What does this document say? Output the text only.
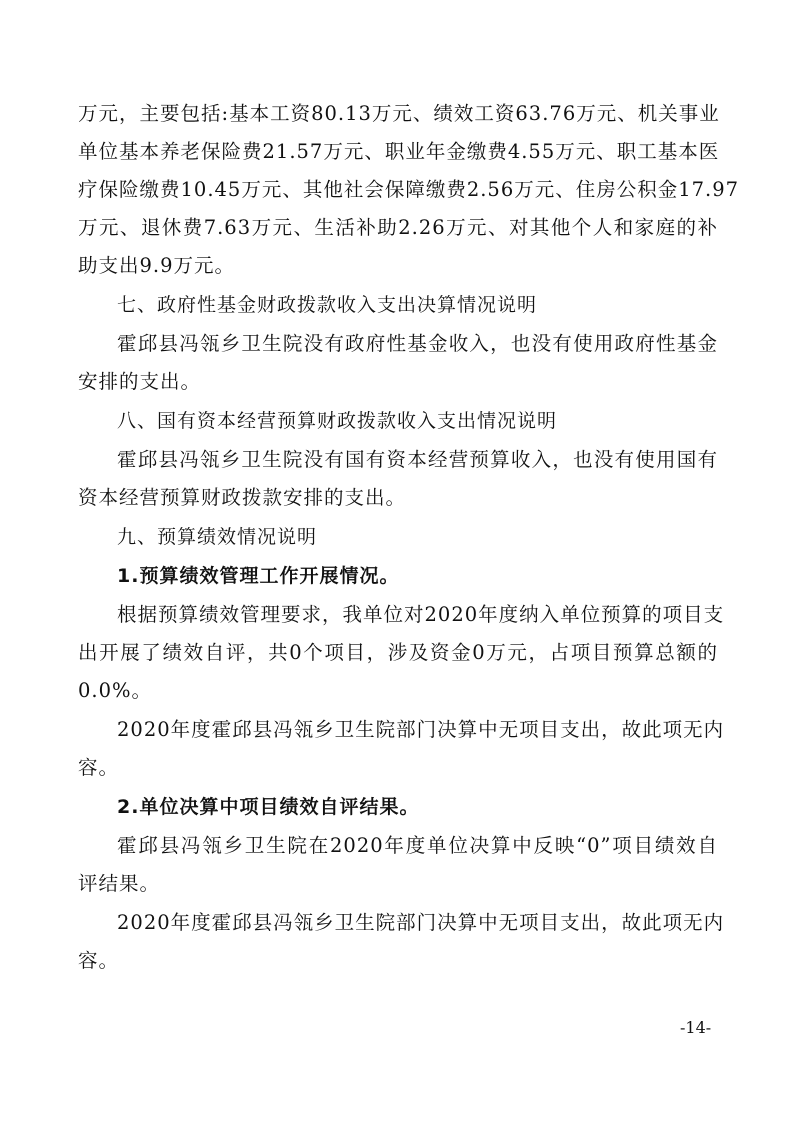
万元，主要包括:基本工资80.13万元、绩效工资63.76万元、机关事业
单位基本养老保险费21.57万元、职业年金缴费4.55万元、职工基本医
疗保险缴费10.45万元、其他社会保障缴费2.56万元、住房公积金17.97
万元、退休费7.63万元、生活补助2.26万元、对其他个人和家庭的补
助支出9.9万元。
七、政府性基金财政拨款收入支出决算情况说明
霍邱县冯瓴乡卫生院没有政府性基金收入，也没有使用政府性基金
安排的支出。
八、国有资本经营预算财政拨款收入支出情况说明
霍邱县冯瓴乡卫生院没有国有资本经营预算收入，也没有使用国有
资本经营预算财政拨款安排的支出。
九、预算绩效情况说明
1.预算绩效管理工作开展情况。
根据预算绩效管理要求，我单位对2020年度纳入单位预算的项目支
出开展了绩效自评，共0个项目，涉及资金0万元，占项目预算总额的
0.0%。
2020年度霍邱县冯瓴乡卫生院部门决算中无项目支出，故此项无内
容。
2.单位决算中项目绩效自评结果。
霍邱县冯瓴乡卫生院在2020年度单位决算中反映“0”项目绩效自
评结果。
2020年度霍邱县冯瓴乡卫生院部门决算中无项目支出，故此项无内
容。
-14-
